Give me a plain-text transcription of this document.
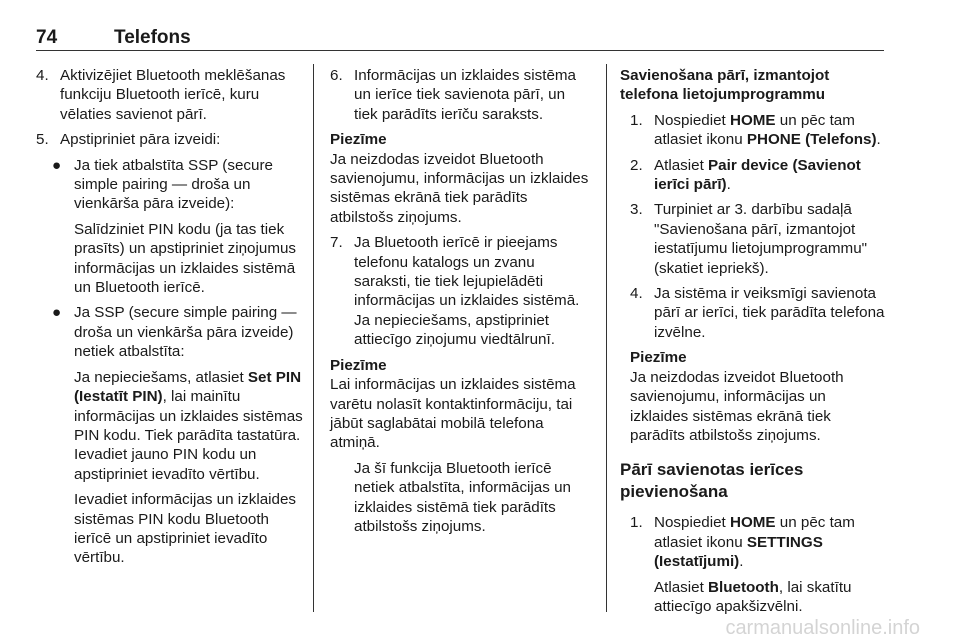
74	Telefons
4. Aktivizējiet Bluetooth meklēšanas funkciju Bluetooth ierīcē, kuru vēlaties savienot pārī.
5. Apstipriniet pāra izveidi:
● Ja tiek atbalstīta SSP (secure simple pairing — droša un vienkārša pāra izveide):

Salīdziniet PIN kodu (ja tas tiek prasīts) un apstipriniet ziņojumus informācijas un izklaides sistēmā un Bluetooth ierīcē.

● Ja SSP (secure simple pairing — droša un vienkārša pāra izveide) netiek atbalstīta:

Ja nepieciešams, atlasiet Set PIN (Iestatīt PIN), lai mainītu informācijas un izklaides sistēmas PIN kodu. Tiek parādīta tastatūra. Ievadiet jauno PIN kodu un apstipriniet ievadīto vērtību.

Ievadiet informācijas un izklaides sistēmas PIN kodu Bluetooth ierīcē un apstipriniet ievadīto vērtību.

6. Informācijas un izklaides sistēma un ierīce tiek savienota pārī, un tiek parādīts ierīču saraksts.

Piezīme

Ja neizdodas izveidot Bluetooth savienojumu, informācijas un izklaides sistēmas ekrānā tiek parādīts atbilstošs ziņojums.

7. Ja Bluetooth ierīcē ir pieejams telefonu katalogs un zvanu saraksti, tie tiek lejupielādēti informācijas un izklaides sistēmā. Ja nepieciešams, apstipriniet attiecīgo ziņojumu viedtālrunī.

Piezīme

Lai informācijas un izklaides sistēma varētu nolasīt kontaktinformāciju, tai jābūt saglabātai mobilā telefona atmiņā.

Ja šī funkcija Bluetooth ierīcē netiek atbalstīta, informācijas un izklaides sistēmā tiek parādīts atbilstošs ziņojums.

Savienošana pārī, izmantojot telefona lietojumprogrammu

1. Nospiediet HOME un pēc tam atlasiet ikonu PHONE (Telefons).
2. Atlasiet Pair device (Savienot ierīci pārī).
3. Turpiniet ar 3. darbību sadaļā "Savienošana pārī, izmantojot iestatījumu lietojumprogrammu" (skatiet iepriekš).
4. Ja sistēma ir veiksmīgi savienota pārī ar ierīci, tiek parādīta telefona izvēlne.

Piezīme

Ja neizdodas izveidot Bluetooth savienojumu, informācijas un izklaides sistēmas ekrānā tiek parādīts atbilstošs ziņojums.

Pārī savienotas ierīces pievienošana

1. Nospiediet HOME un pēc tam atlasiet ikonu SETTINGS (Iestatījumi).

Atlasiet Bluetooth, lai skatītu attiecīgo apakšizvēlni.

carmanualsonline.info
